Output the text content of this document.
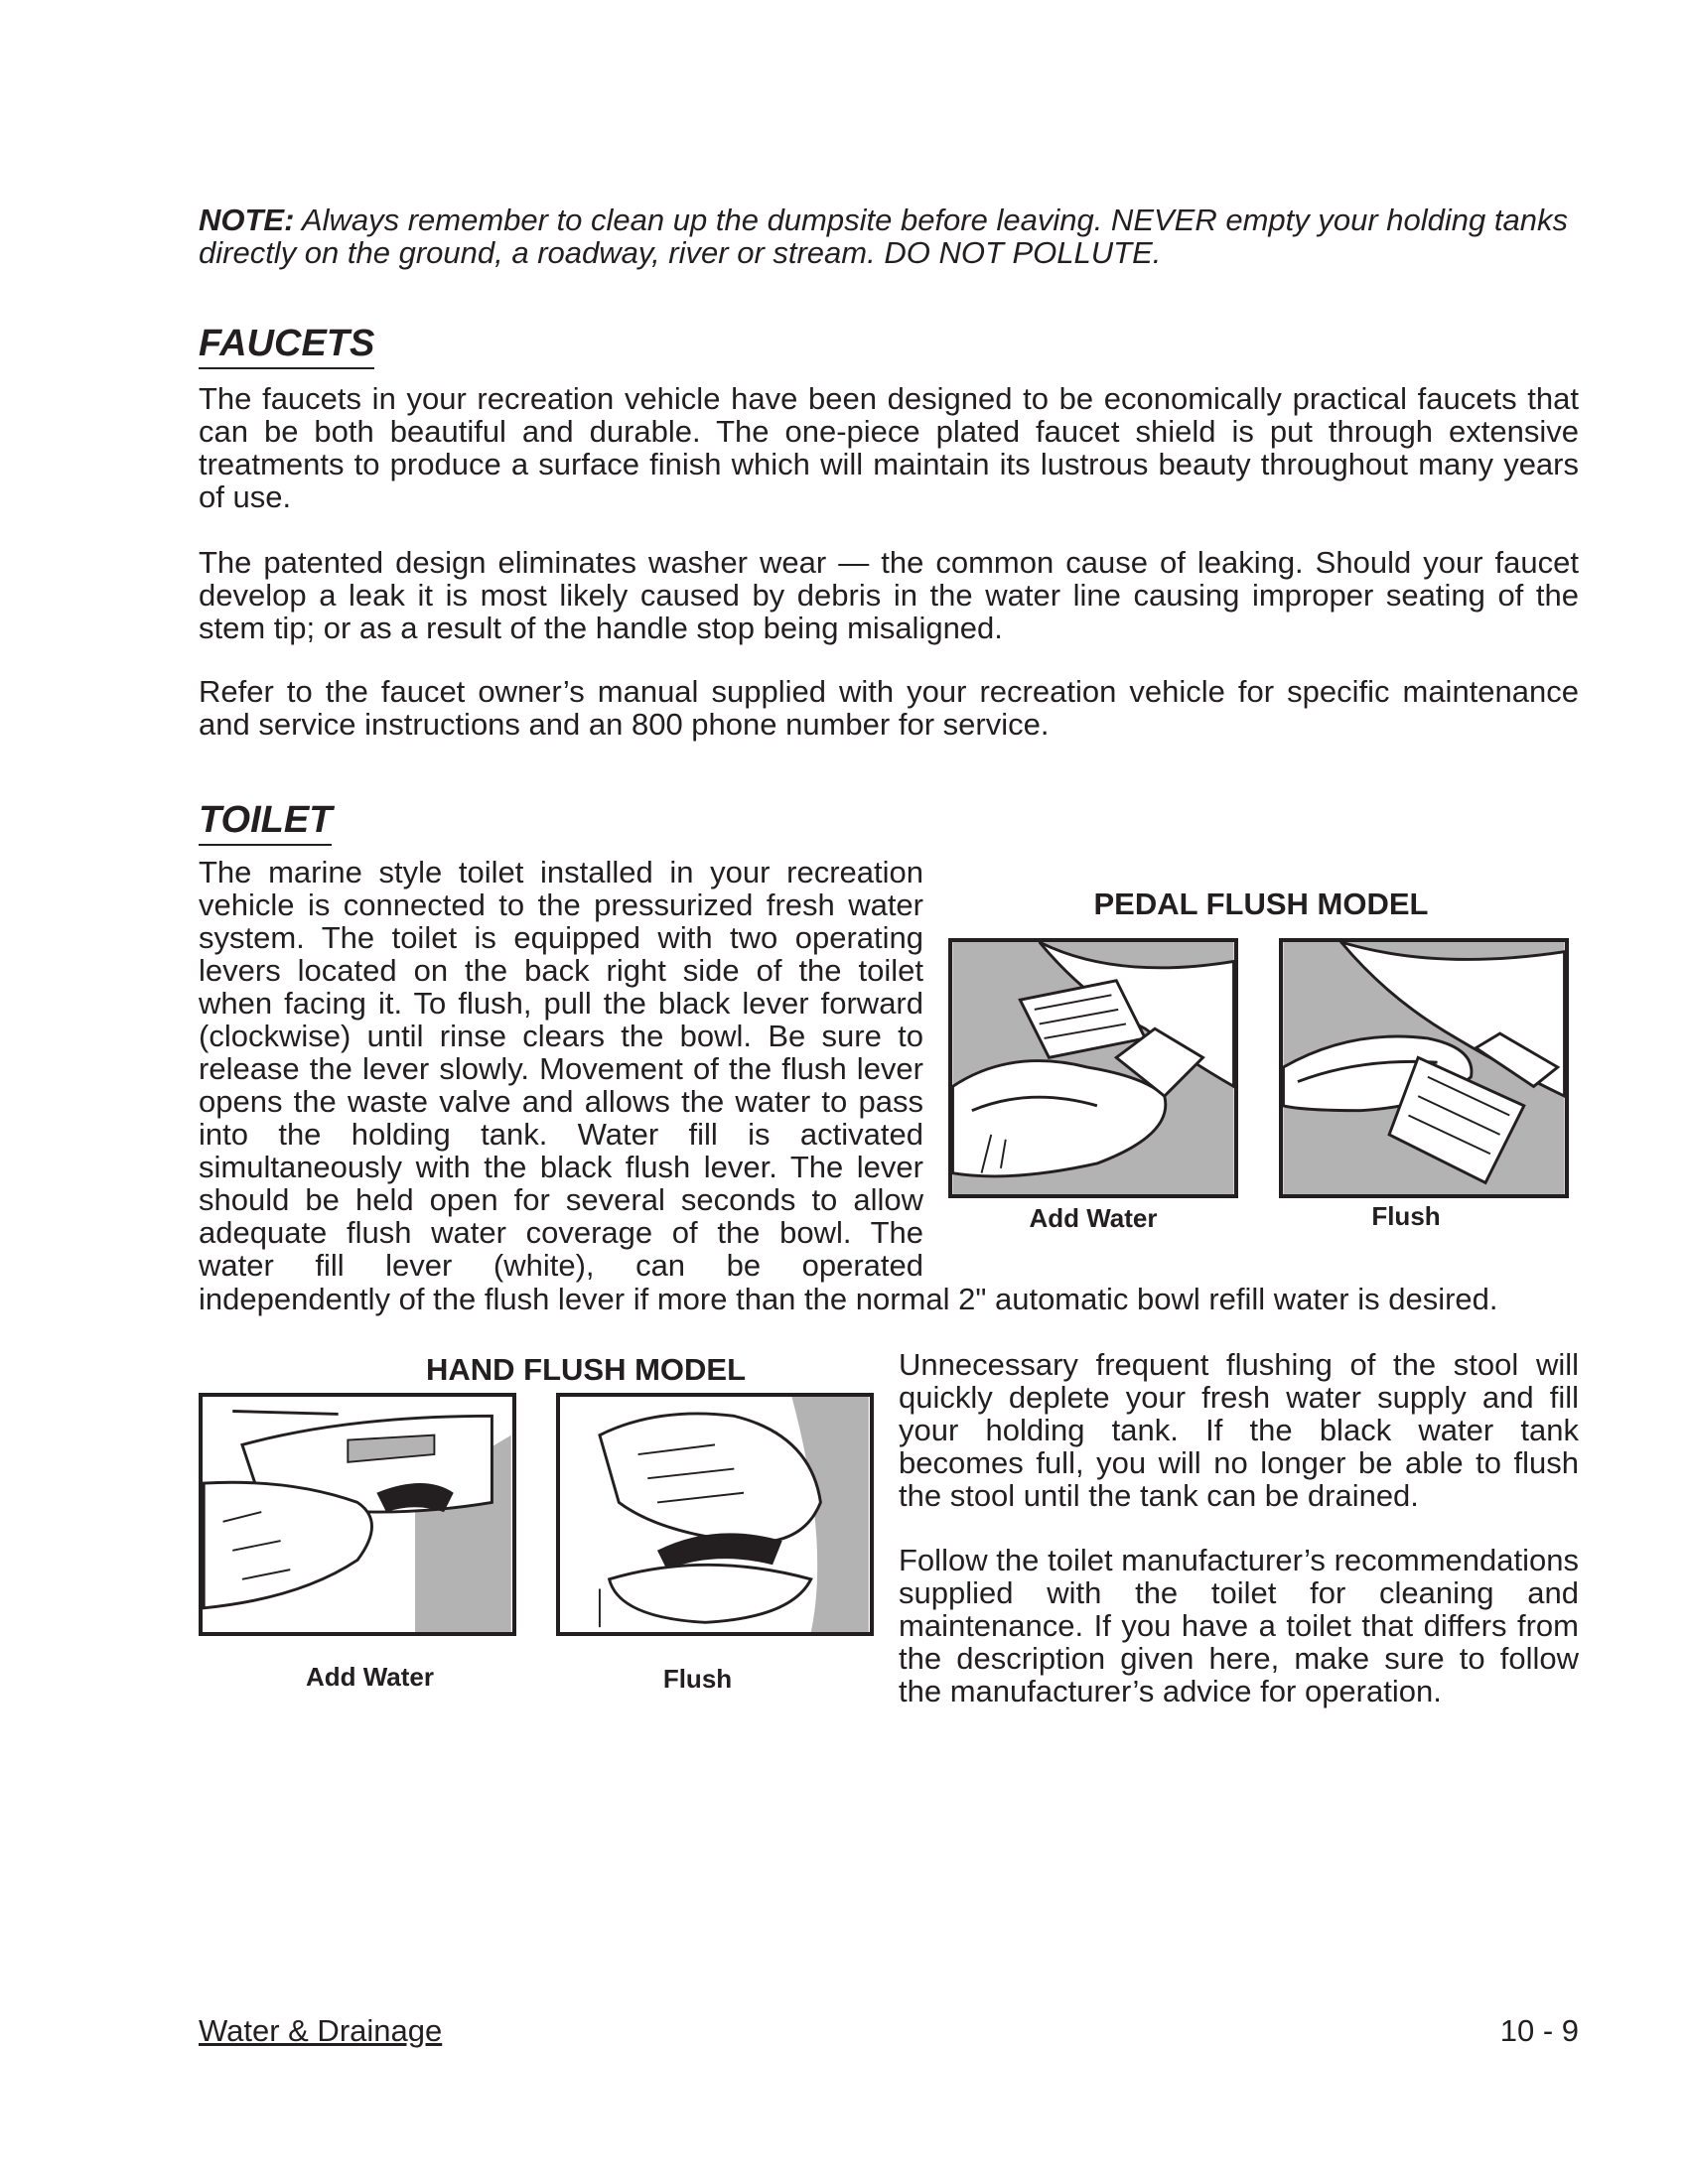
NOTE: Always remember to clean up the dumpsite before leaving. NEVER empty your holding tanks directly on the ground, a roadway, river or stream. DO NOT POLLUTE.
FAUCETS

The faucets in your recreation vehicle have been designed to be economically practical faucets that can be both beautiful and durable. The one-piece plated faucet shield is put through extensive treatments to produce a surface finish which will maintain its lustrous beauty throughout many years of use.

The patented design eliminates washer wear — the common cause of leaking. Should your faucet develop a leak it is most likely caused by debris in the water line causing improper seating of the stem tip; or as a result of the handle stop being misaligned.

Refer to the faucet owner’s manual supplied with your recreation vehicle for specific maintenance and service instructions and an 800 phone number for service.

TOILET

The marine style toilet installed in your recreation vehicle is connected to the pressurized fresh water system. The toilet is equipped with two operating levers located on the back right side of the toilet when facing it. To flush, pull the black lever forward (clockwise) until rinse clears the bowl. Be sure to release the lever slowly. Movement of the flush lever opens the waste valve and allows the water to pass into the holding tank. Water fill is activated simultaneously with the black flush lever. The lever should be held open for several seconds to allow adequate flush water coverage of the bowl. The water fill lever (white), can be operated

independently of the flush lever if more than the normal 2" automatic bowl refill water is desired.

PEDAL FLUSH MODEL
Add Water	Flush
HAND FLUSH MODEL
Add Water	Flush

Unnecessary frequent flushing of the stool will quickly deplete your fresh water supply and fill your holding tank. If the black water tank becomes full, you will no longer be able to flush the stool until the tank can be drained.

Follow the toilet manufacturer’s recommendations supplied with the toilet for cleaning and maintenance. If you have a toilet that differs from the description given here, make sure to follow the manufacturer’s advice for operation.

Water & Drainage	10 - 9
